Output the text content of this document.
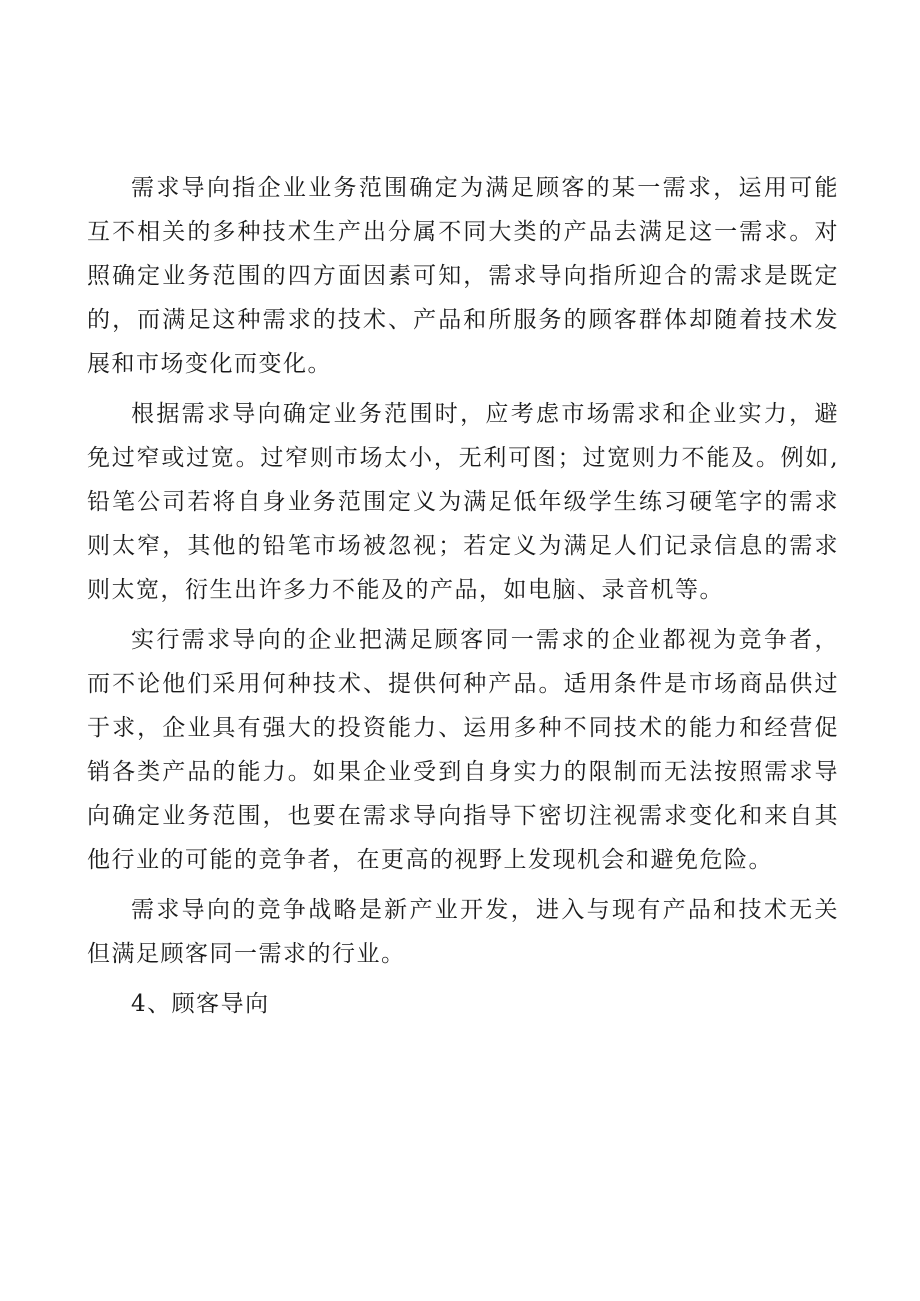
需求导向指企业业务范围确定为满足顾客的某一需求，运用可能互不相关的多种技术生产出分属不同大类的产品去满足这一需求。对照确定业务范围的四方面因素可知，需求导向指所迎合的需求是既定的，而满足这种需求的技术、产品和所服务的顾客群体却随着技术发展和市场变化而变化。

根据需求导向确定业务范围时，应考虑市场需求和企业实力，避免过窄或过宽。过窄则市场太小，无利可图；过宽则力不能及。例如,铅笔公司若将自身业务范围定义为满足低年级学生练习硬笔字的需求则太窄，其他的铅笔市场被忽视；若定义为满足人们记录信息的需求则太宽，衍生出许多力不能及的产品，如电脑、录音机等。

实行需求导向的企业把满足顾客同一需求的企业都视为竞争者，而不论他们采用何种技术、提供何种产品。适用条件是市场商品供过于求，企业具有强大的投资能力、运用多种不同技术的能力和经营促销各类产品的能力。如果企业受到自身实力的限制而无法按照需求导向确定业务范围，也要在需求导向指导下密切注视需求变化和来自其他行业的可能的竞争者，在更高的视野上发现机会和避免危险。

需求导向的竞争战略是新产业开发，进入与现有产品和技术无关但满足顾客同一需求的行业。

4、顾客导向
